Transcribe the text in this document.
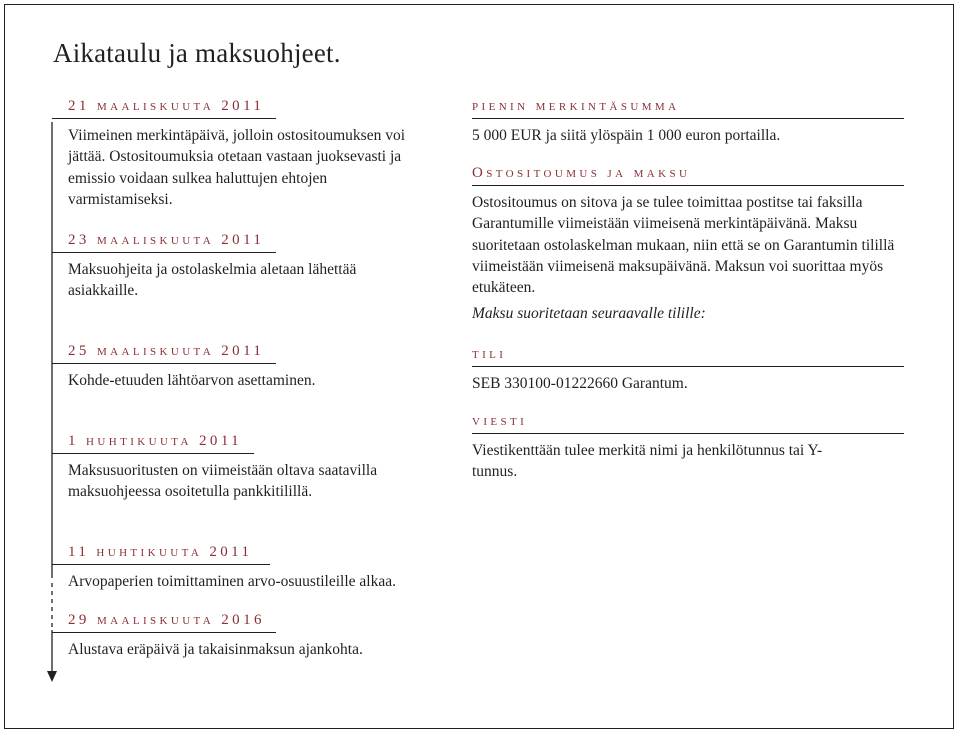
Aikataulu ja maksuohjeet.
21 maaliskuuta 2011
Viimeinen merkintäpäivä, jolloin ostositoumuksen voi jättää. Ostositoumuksia otetaan vastaan juoksevasti ja emissio voidaan sulkea haluttujen ehtojen varmistamiseksi.
23 maaliskuuta 2011
Maksuohjeita ja ostolaskelmia aletaan lähettää asiakkaille.
25 maaliskuuta 2011
Kohde-etuuden lähtöarvon asettaminen.
1 huhtikuuta 2011
Maksusuoritusten on viimeistään oltava saatavilla maksuohjeessa osoitetulla pankkitilillä.
11 huhtikuuta 2011
Arvopaperien toimittaminen arvo-osuustileille alkaa.
29 maaliskuuta 2016
Alustava eräpäivä ja takaisinmaksun ajankohta.
pienin merkintäsumma
5 000 EUR ja siitä ylöspäin 1 000 euron portailla.
Ostositoumus ja maksu
Ostositoumus on sitova ja se tulee toimittaa postitse tai faksilla Garantumille viimeistään viimeisenä merkintäpäivänä. Maksu suoritetaan ostolaskelman mukaan, niin että se on Garantumin tilillä viimeistään viimeisenä maksupäivänä. Maksun voi suorittaa myös etukäteen.
Maksu suoritetaan seuraavalle tilille:
tili
SEB 330100-01222660 Garantum.
viesti
Viestikenttään tulee merkitä nimi ja henkilötunnus tai Y-tunnus.
